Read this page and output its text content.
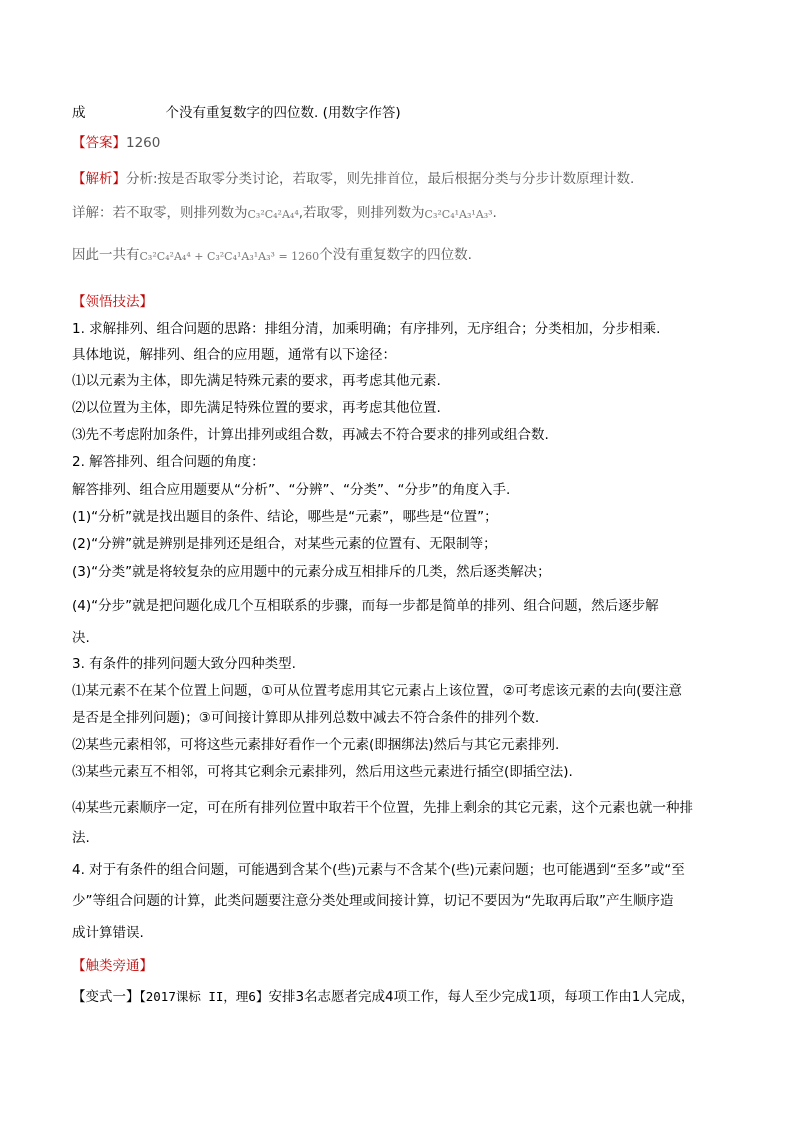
成	个没有重复数字的四位数. (用数字作答)
【答案】1260
【解析】分析:按是否取零分类讨论，若取零，则先排首位，最后根据分类与分步计数原理计数.
详解：若不取零，则排列数为C₃²C₄²A₄⁴,若取零，则排列数为C₃²C₄¹A₃¹A₃³.
因此一共有C₃²C₄²A₄⁴ + C₃²C₄¹A₃¹A₃³ = 1260个没有重复数字的四位数.
【领悟技法】
1. 求解排列、组合问题的思路：排组分清，加乘明确；有序排列，无序组合；分类相加，分步相乘.
具体地说，解排列、组合的应用题，通常有以下途径：
⑴以元素为主体，即先满足特殊元素的要求，再考虑其他元素.
⑵以位置为主体，即先满足特殊位置的要求，再考虑其他位置.
⑶先不考虑附加条件，计算出排列或组合数，再减去不符合要求的排列或组合数.
2. 解答排列、组合问题的角度：
解答排列、组合应用题要从“分析”、“分辨”、“分类”、“分步”的角度入手.
(1)“分析”就是找出题目的条件、结论，哪些是“元素”，哪些是“位置”；
(2)“分辨”就是辨别是排列还是组合，对某些元素的位置有、无限制等；
(3)“分类”就是将较复杂的应用题中的元素分成互相排斥的几类，然后逐类解决；
(4)“分步”就是把问题化成几个互相联系的步骤，而每一步都是简单的排列、组合问题，然后逐步解
决.
3. 有条件的排列问题大致分四种类型.
⑴某元素不在某个位置上问题，①可从位置考虑用其它元素占上该位置，②可考虑该元素的去向(要注意
是否是全排列问题)；③可间接计算即从排列总数中减去不符合条件的排列个数.
⑵某些元素相邻，可将这些元素排好看作一个元素(即捆绑法)然后与其它元素排列.
⑶某些元素互不相邻，可将其它剩余元素排列，然后用这些元素进行插空(即插空法).
⑷某些元素顺序一定，可在所有排列位置中取若干个位置，先排上剩余的其它元素，这个元素也就一种排
法.
4. 对于有条件的组合问题，可能遇到含某个(些)元素与不含某个(些)元素问题；也可能遇到“至多”或“至
少”等组合问题的计算，此类问题要注意分类处理或间接计算，切记不要因为“先取再后取”产生顺序造
成计算错误.
【触类旁通】
【变式一】【2017课标 II，理6】安排3名志愿者完成4项工作，每人至少完成1项，每项工作由1人完成，
